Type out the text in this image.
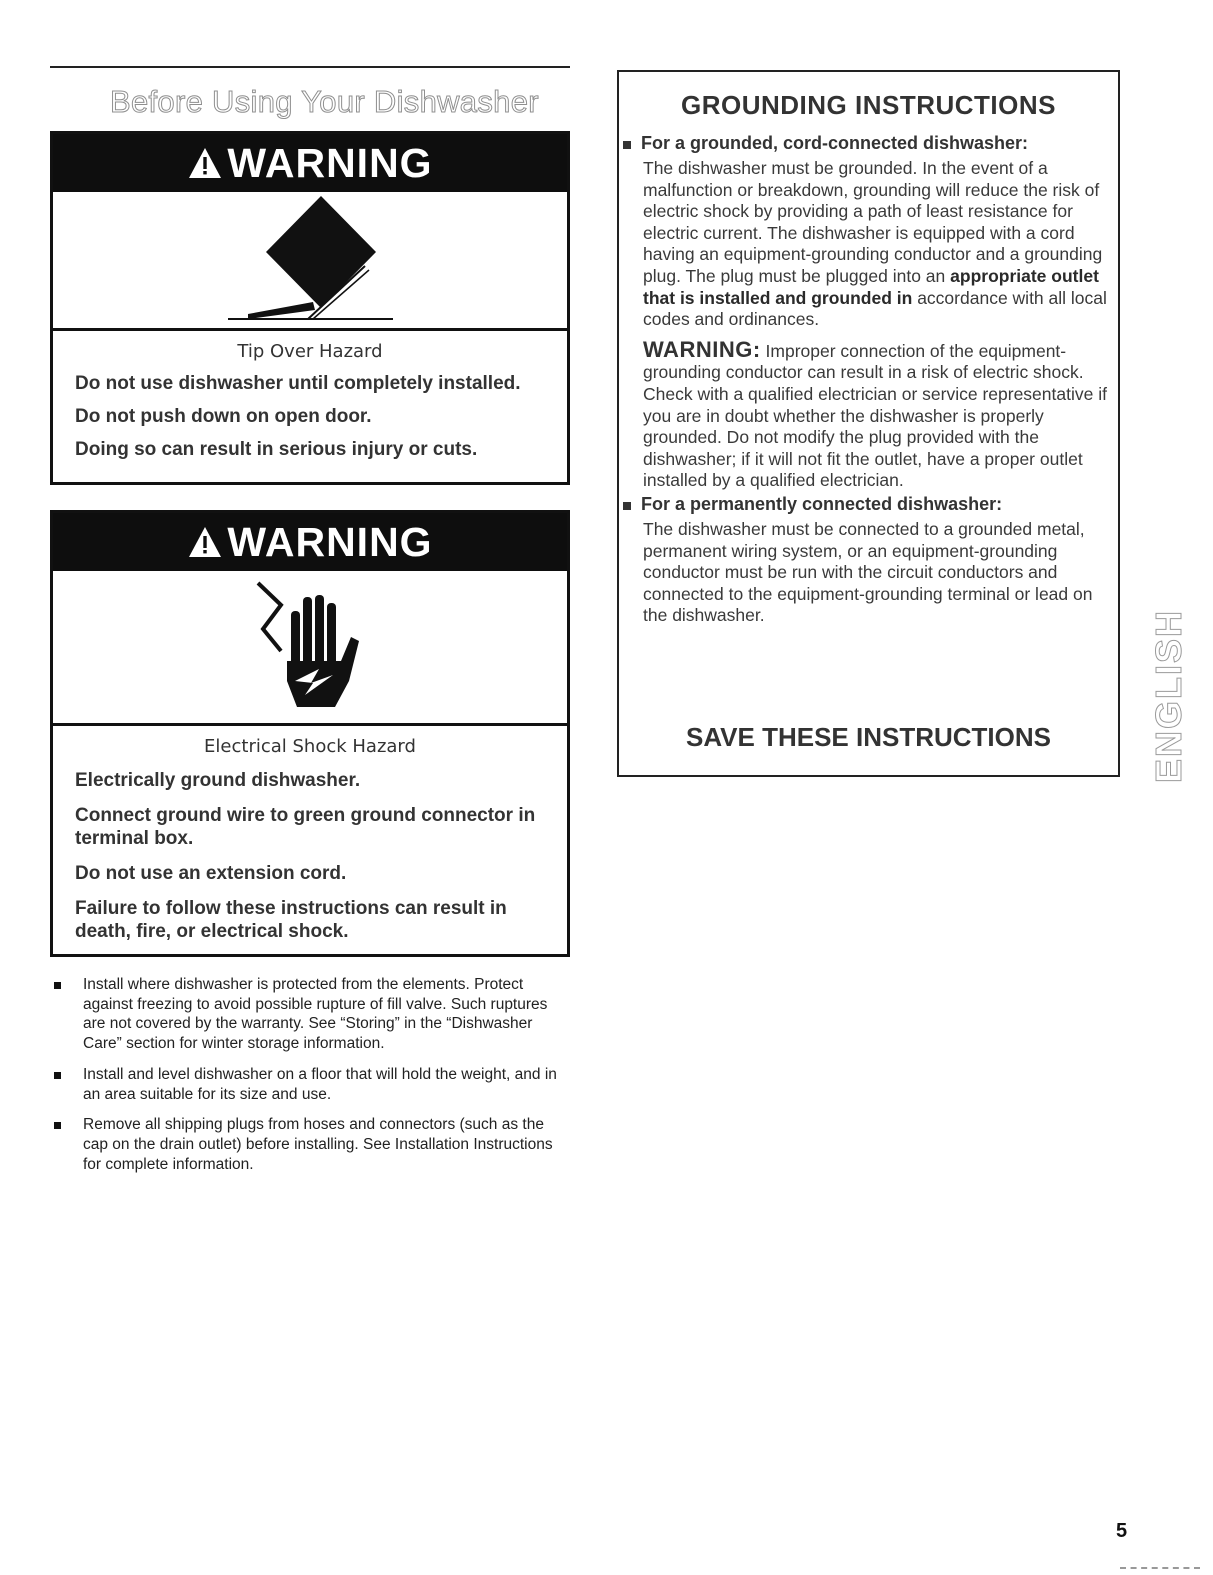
Before Using Your Dishwasher
WARNING
Tip Over Hazard
Do not use dishwasher until completely installed.
Do not push down on open door.
Doing so can result in serious injury or cuts.
WARNING
Electrical Shock Hazard
Electrically ground dishwasher.
Connect ground wire to green ground connector in terminal box.
Do not use an extension cord.
Failure to follow these instructions can result in death, fire, or electrical shock.
Install where dishwasher is protected from the elements. Protect against freezing to avoid possible rupture of fill valve. Such ruptures are not covered by the warranty. See “Storing” in the “Dishwasher Care” section for winter storage information.
Install and level dishwasher on a floor that will hold the weight, and in an area suitable for its size and use.
Remove all shipping plugs from hoses and connectors (such as the cap on the drain outlet) before installing. See Installation Instructions for complete information.
GROUNDING INSTRUCTIONS
For a grounded, cord-connected dishwasher:
The dishwasher must be grounded. In the event of a malfunction or breakdown, grounding will reduce the risk of electric shock by providing a path of least resistance for electric current. The dishwasher is equipped with a cord having an equipment-grounding conductor and a grounding plug. The plug must be plugged into an appropriate outlet that is installed and grounded in accordance with all local codes and ordinances.
WARNING: Improper connection of the equipment-grounding conductor can result in a risk of electric shock. Check with a qualified electrician or service representative if you are in doubt whether the dishwasher is properly grounded. Do not modify the plug provided with the dishwasher; if it will not fit the outlet, have a proper outlet installed by a qualified electrician.
For a permanently connected dishwasher:
The dishwasher must be connected to a grounded metal, permanent wiring system, or an equipment-grounding conductor must be run with the circuit conductors and connected to the equipment-grounding terminal or lead on the dishwasher.
SAVE THESE INSTRUCTIONS	ENGLISH
5
